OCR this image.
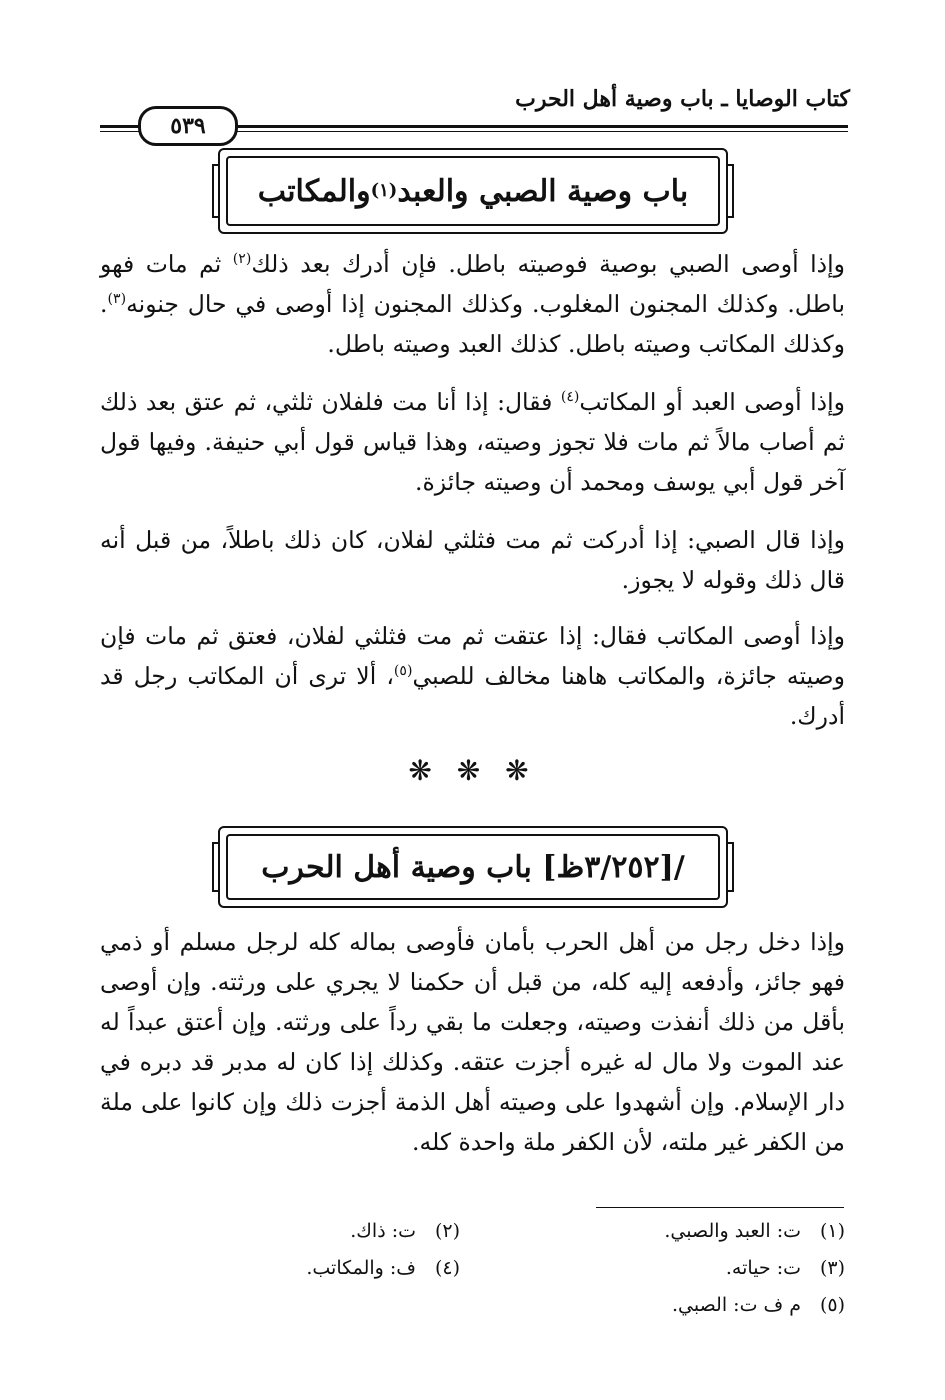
كتاب الوصايا ـ باب وصية أهل الحرب
٥٣٩
باب وصية الصبي والعبد
(١)
والمكاتب

وإذا أوصى الصبي بوصية فوصيته باطل. فإن أدرك بعد ذلك$^{(٢)}$ ثم مات فهو باطل. وكذلك المجنون المغلوب. وكذلك المجنون إذا أوصى في حال جنونه$^{(٣)}$. وكذلك المكاتب وصيته باطل. كذلك العبد وصيته باطل.

وإذا أوصى العبد أو المكاتب$^{(٤)}$ فقال: إذا أنا مت فلفلان ثلثي، ثم عتق بعد ذلك ثم أصاب مالاً ثم مات فلا تجوز وصيته، وهذا قياس قول أبي حنيفة. وفيها قول آخر قول أبي يوسف ومحمد أن وصيته جائزة.

وإذا قال الصبي: إذا أدركت ثم مت فثلثي لفلان، كان ذلك باطلاً، من قبل أنه قال ذلك وقوله لا يجوز.

وإذا أوصى المكاتب فقال: إذا عتقت ثم مت فثلثي لفلان، فعتق ثم مات فإن وصيته جائزة، والمكاتب هاهنا مخالف للصبي$^{(٥)}$، ألا ترى أن المكاتب رجل قد أدرك.

❋ ❋ ❋
/[٣/٢٥٢ظ] باب وصية أهل الحرب

وإذا دخل رجل من أهل الحرب بأمان فأوصى بماله كله لرجل مسلم أو ذمي فهو جائز، وأدفعه إليه كله، من قبل أن حكمنا لا يجري على ورثته. وإن أوصى بأقل من ذلك أنفذت وصيته، وجعلت ما بقي رداً على ورثته. وإن أعتق عبداً له عند الموت ولا مال له غيره أجزت عتقه. وكذلك إذا كان له مدبر قد دبره في دار الإسلام. وإن أشهدوا على وصيته أهل الذمة أجزت ذلك وإن كانوا على ملة من الكفر غير ملته، لأن الكفر ملة واحدة كله.

(١)ت: العبد والصبي.
(٢)ت: ذاك.
(٣)ت: حياته.
(٤)ف: والمكاتب.
(٥)م ف ت: الصبي.
